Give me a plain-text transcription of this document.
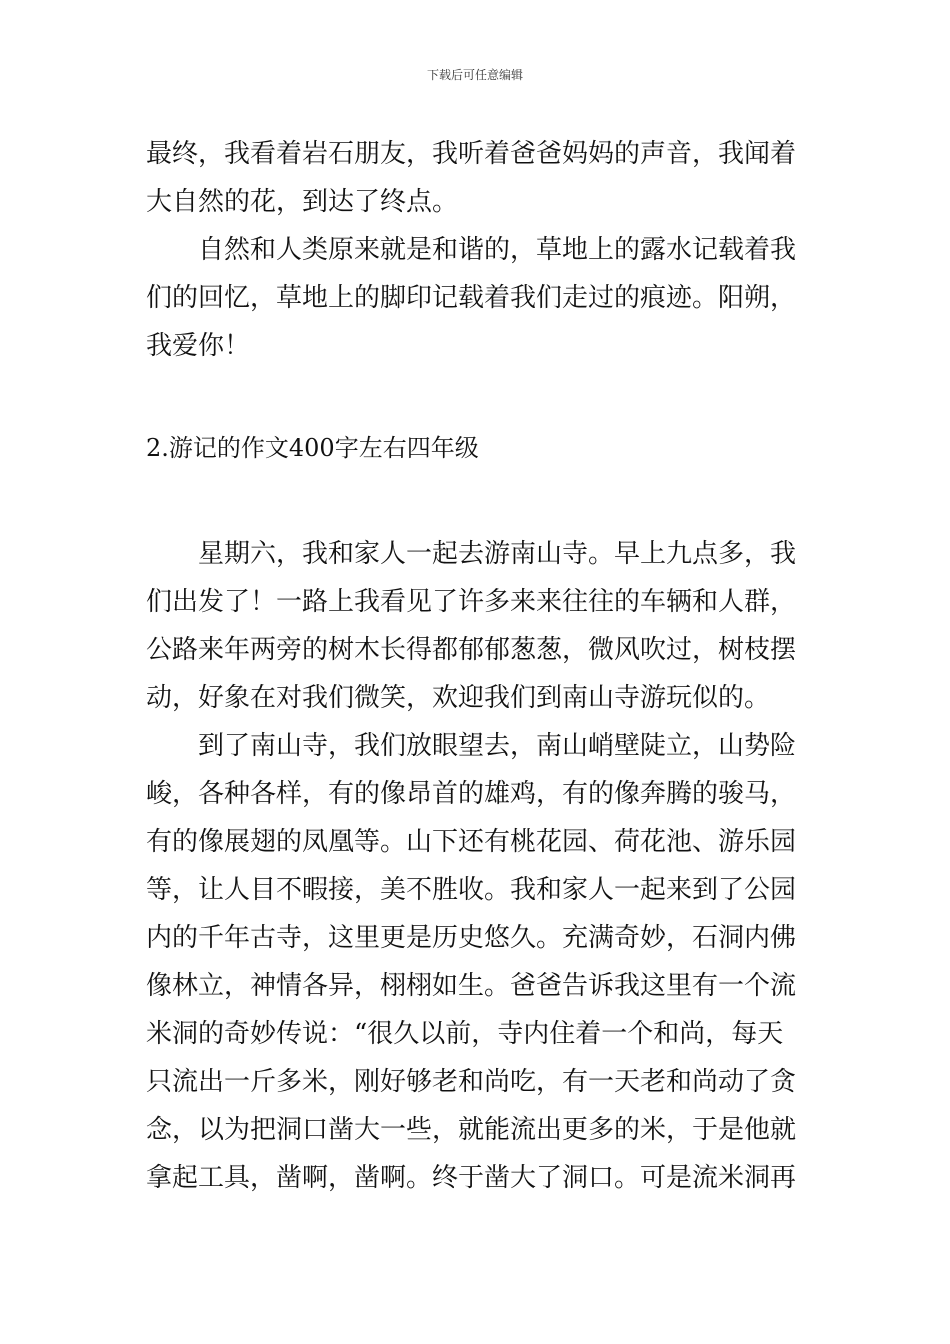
下载后可任意编辑
最终，我看着岩石朋友，我听着爸爸妈妈的声音，我闻着
大自然的花，到达了终点。
自然和人类原来就是和谐的，草地上的露水记载着我
们的回忆，草地上的脚印记载着我们走过的痕迹。阳朔，
我爱你！
2.游记的作文400字左右四年级
星期六，我和家人一起去游南山寺。早上九点多，我
们出发了！一路上我看见了许多来来往往的车辆和人群，
公路来年两旁的树木长得都郁郁葱葱，微风吹过，树枝摆
动，好象在对我们微笑，欢迎我们到南山寺游玩似的。
到了南山寺，我们放眼望去，南山峭壁陡立，山势险
峻，各种各样，有的像昂首的雄鸡，有的像奔腾的骏马，
有的像展翅的凤凰等。山下还有桃花园、荷花池、游乐园
等，让人目不暇接，美不胜收。我和家人一起来到了公园
内的千年古寺，这里更是历史悠久。充满奇妙，石洞内佛
像林立，神情各异，栩栩如生。爸爸告诉我这里有一个流
米洞的奇妙传说：“很久以前，寺内住着一个和尚，每天
只流出一斤多米，刚好够老和尚吃，有一天老和尚动了贪
念，以为把洞口凿大一些，就能流出更多的米，于是他就
拿起工具，凿啊，凿啊。终于凿大了洞口。可是流米洞再
